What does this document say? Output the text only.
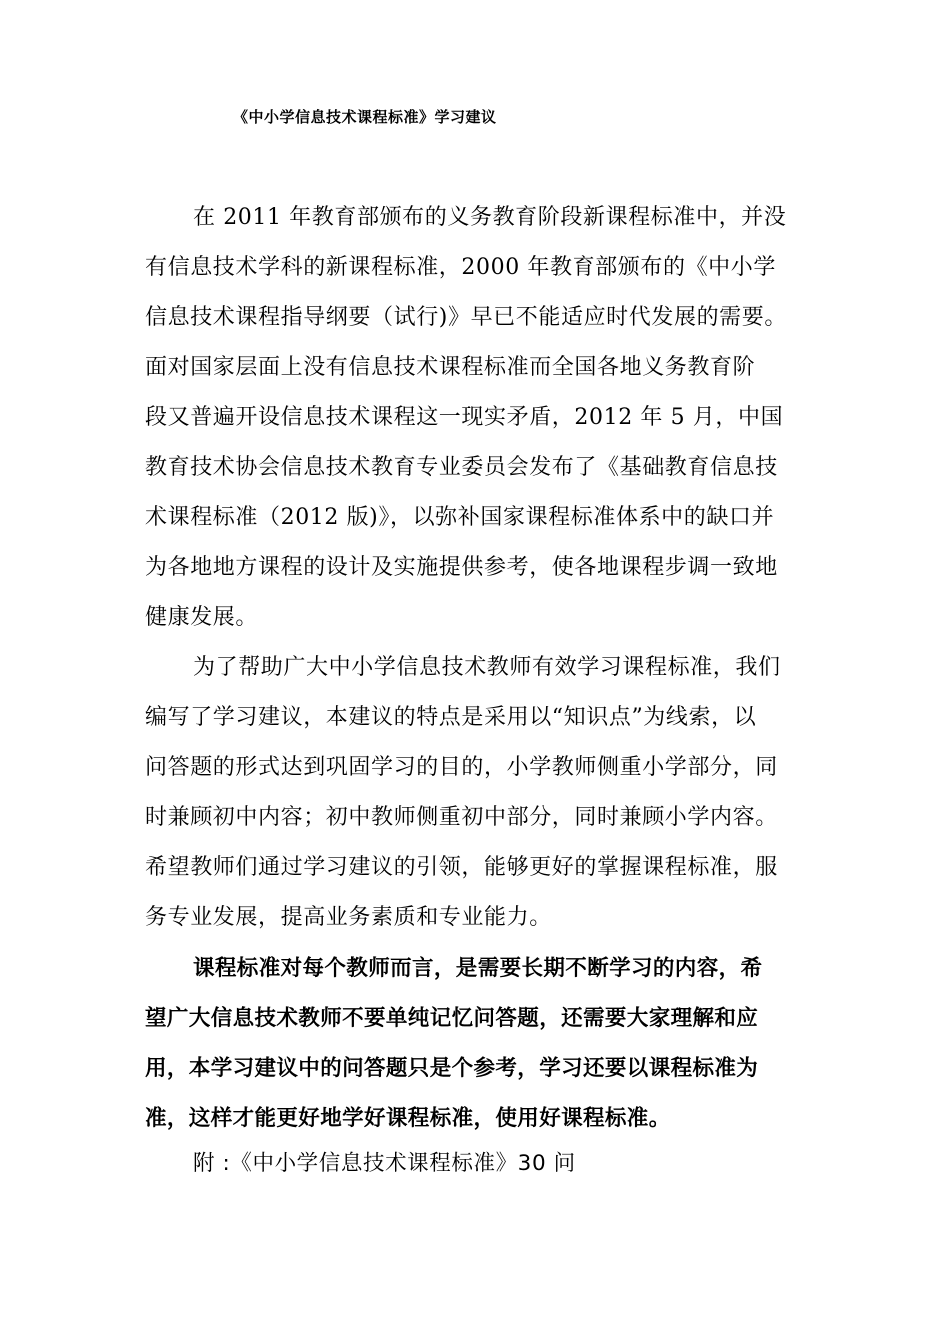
《中小学信息技术课程标准》学习建议
在 2011 年教育部颁布的义务教育阶段新课程标准中，并没
有信息技术学科的新课程标准，2000 年教育部颁布的《中小学
信息技术课程指导纲要（试行)》早已不能适应时代发展的需要。
面对国家层面上没有信息技术课程标准而全国各地义务教育阶
段又普遍开设信息技术课程这一现实矛盾，2012 年 5 月，中国
教育技术协会信息技术教育专业委员会发布了《基础教育信息技
术课程标准（2012 版)》，以弥补国家课程标准体系中的缺口并
为各地地方课程的设计及实施提供参考，使各地课程步调一致地
健康发展。
为了帮助广大中小学信息技术教师有效学习课程标准，我们
编写了学习建议，本建议的特点是采用以“知识点”为线索，以
问答题的形式达到巩固学习的目的，小学教师侧重小学部分，同
时兼顾初中内容；初中教师侧重初中部分，同时兼顾小学内容。
希望教师们通过学习建议的引领，能够更好的掌握课程标准，服
务专业发展，提高业务素质和专业能力。
课程标准对每个教师而言，是需要长期不断学习的内容，希
望广大信息技术教师不要单纯记忆问答题，还需要大家理解和应
用，本学习建议中的问答题只是个参考，学习还要以课程标准为
准，这样才能更好地学好课程标准，使用好课程标准。
附 :《中小学信息技术课程标准》30 问
